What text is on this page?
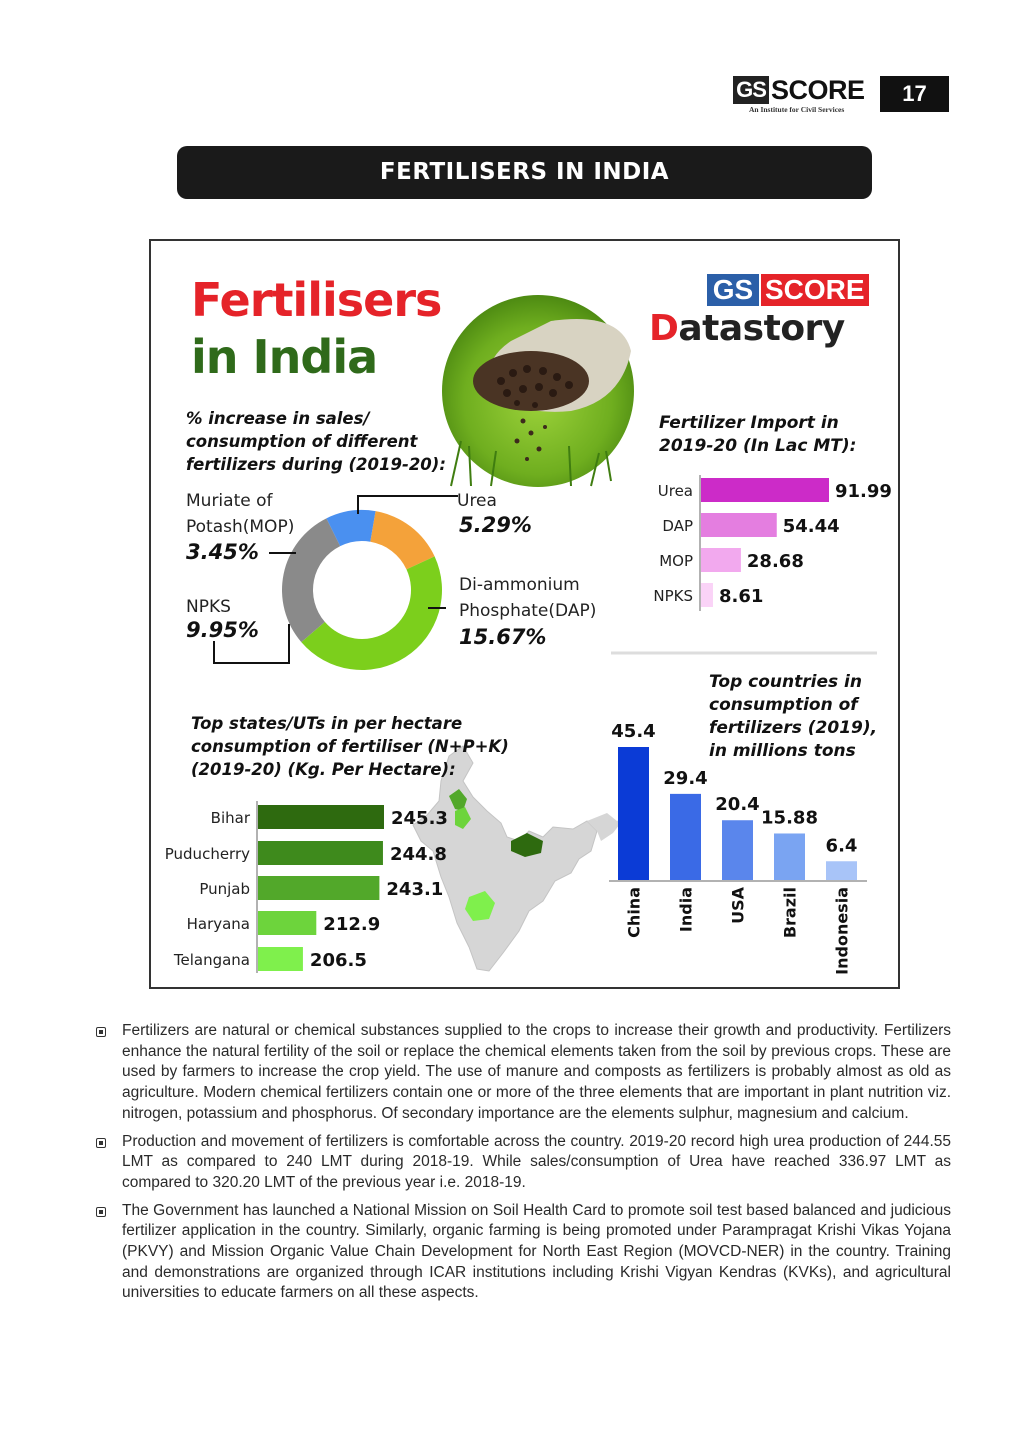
GS SCORE
An Institute for Civil Services
17
FERTILISERS IN INDIA
Urea	91.99
DAP	54.44
MOP	28.68
NPKS 8.61
Bihar	245.3
Puducherry	244.8
Punjab	243.1
Haryana	212.9
Telangana	206.5
45.4
China
29.4
India
20.4
USA
15.88
Brazil
6.4
Indonesia
Fertilisers
in India
GS SCORE
Datastory
% increase in sales/
consumption of different
fertilizers during (2019-20):
Muriate of
Potash(MOP)
3.45%
Urea
5.29%
Di-ammonium
Phosphate(DAP)
15.67%
NPKS
9.95%
Fertilizer Import in
2019-20 (In Lac MT):
Top countries in
consumption of
fertilizers (2019),
in millions tons
Top states/UTs in per hectare
consumption of fertiliser (N+P+K)
(2019-20) (Kg. Per Hectare):
Fertilizers are natural or chemical substances supplied to the crops to increase their growth and productivity. Fertilizers enhance the natural fertility of the soil or replace the chemical elements taken from the soil by previous crops. These are used by farmers to increase the crop yield. The use of manure and composts as fertilizers is probably almost as old as agriculture. Modern chemical fertilizers contain one or more of the three elements that are important in plant nutrition viz. nitrogen, potassium and phosphorus. Of secondary importance are the elements sulphur, magnesium and calcium.
Production and movement of fertilizers is comfortable across the country. 2019-20 record high urea production of 244.55 LMT as compared to 240 LMT during 2018-19. While sales/consumption of Urea have reached 336.97 LMT as compared to 320.20 LMT of the previous year i.e. 2018-19.
The Government has launched a National Mission on Soil Health Card to promote soil test based balanced and judicious fertilizer application in the country. Similarly, organic farming is being promoted under Parampragat Krishi Vikas Yojana (PKVY) and Mission Organic Value Chain Development for North East Region (MOVCD-NER) in the country. Training and demonstrations are organized through ICAR institutions including Krishi Vigyan Kendras (KVKs), and agricultural universities to educate farmers on all these aspects.
